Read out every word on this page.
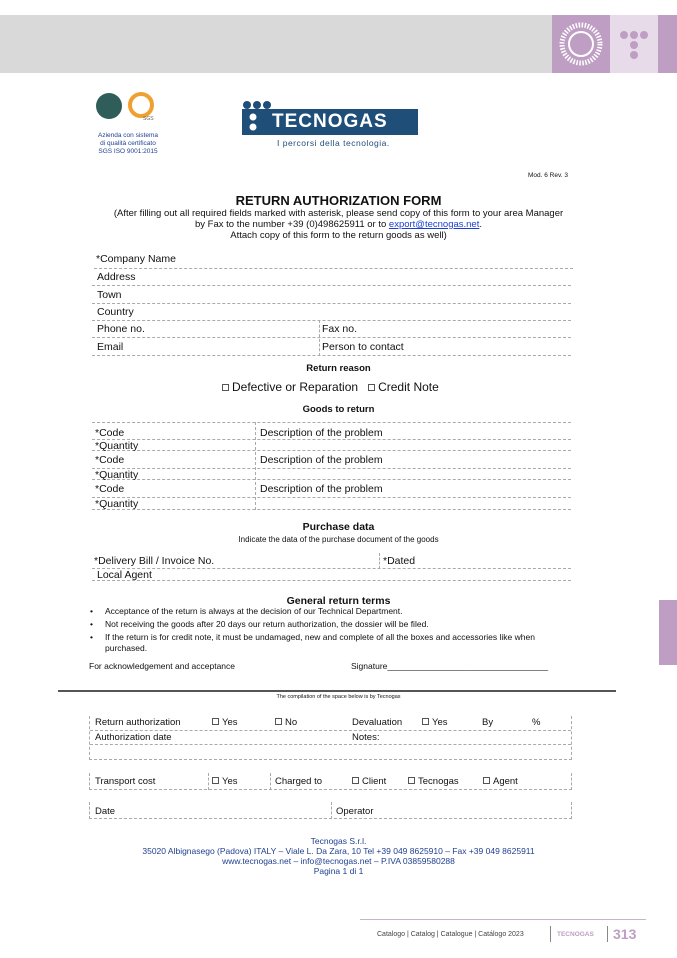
SGS
Azienda con sistema
di qualità certificato
SGS ISO 9001:2015
TECNOGAS
I percorsi della tecnologia.
Mod. 6 Rev. 3
RETURN AUTHORIZATION FORM
(After filling out all required fields marked with asterisk, please send copy of this form to your area Manager
by Fax to the number +39 (0)498625911 or to export@tecnogas.net.
Attach copy of this form to the return goods as well)
*Company Name
Address
Town
Country
Phone no.	Fax no.
Email	Person to contact
Return reason
Defective or Reparation Credit Note
Goods to return
*Code	Description of the problem
*Quantity
*Code	Description of the problem
*Quantity
*Code	Description of the problem
*Quantity
Purchase data
Indicate the data of the purchase document of the goods
*Delivery Bill / Invoice No.	*Dated
Local Agent
General return terms
• Acceptance of the return is always at the decision of our Technical Department.
• Not receiving the goods after 20 days our return authorization, the dossier will be filed.
• If the return is for credit note, it must be undamaged, new and complete of all the boxes and accessories like when purchased.
For acknowledgement and acceptance	Signature__________________________________
The compilation of the space below is by Tecnogas
Return authorization	Yes	No	Devaluation	Yes	By	%
Authorization date	Notes:
Transport cost	Yes	Charged to	Client	Tecnogas	Agent
Date	Operator
Tecnogas S.r.l.
35020 Albignasego (Padova) ITALY – Viale L. Da Zara, 10 Tel +39 049 8625910 – Fax +39 049 8625911
www.tecnogas.net – info@tecnogas.net – P.IVA 03859580288
Pagina 1 di 1
Catalogo | Catalog | Catalogue | Catálogo 2023	TECNOGAS 313
